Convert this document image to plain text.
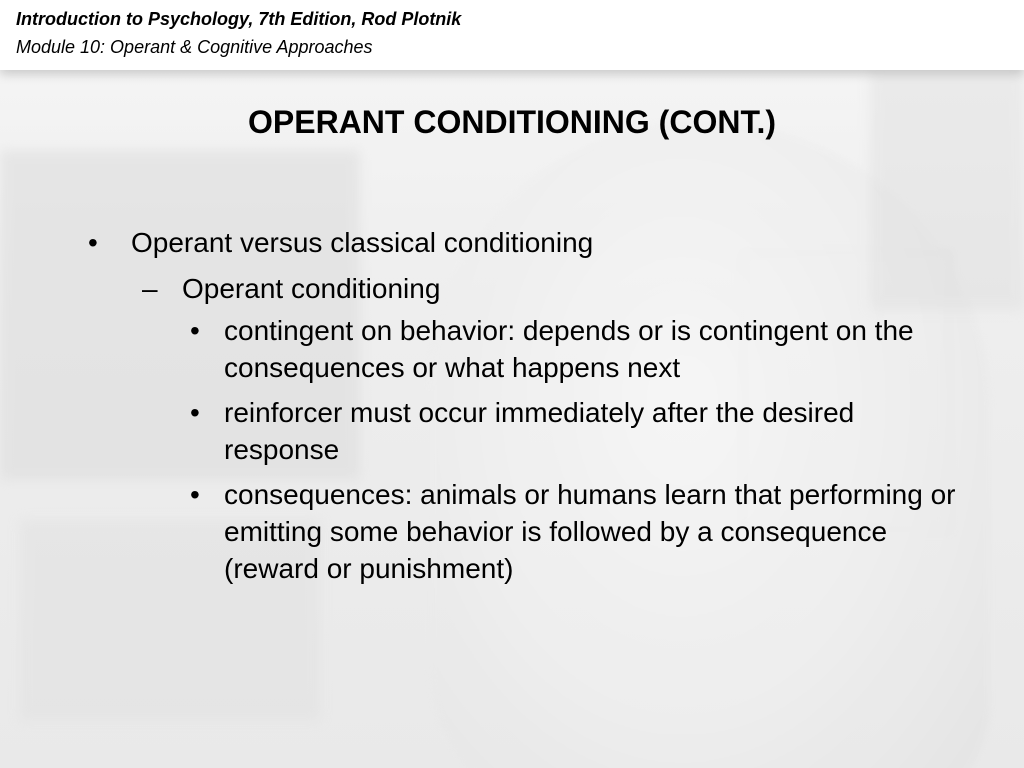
Introduction to Psychology, 7th Edition, Rod Plotnik
Module 10: Operant & Cognitive Approaches
OPERANT CONDITIONING (CONT.)
• Operant versus classical conditioning
– Operant conditioning
• contingent on behavior: depends or is contingent on the consequences or what happens next
• reinforcer must occur immediately after the desired response
• consequences: animals or humans learn that performing or emitting some behavior is followed by a consequence (reward or punishment)
